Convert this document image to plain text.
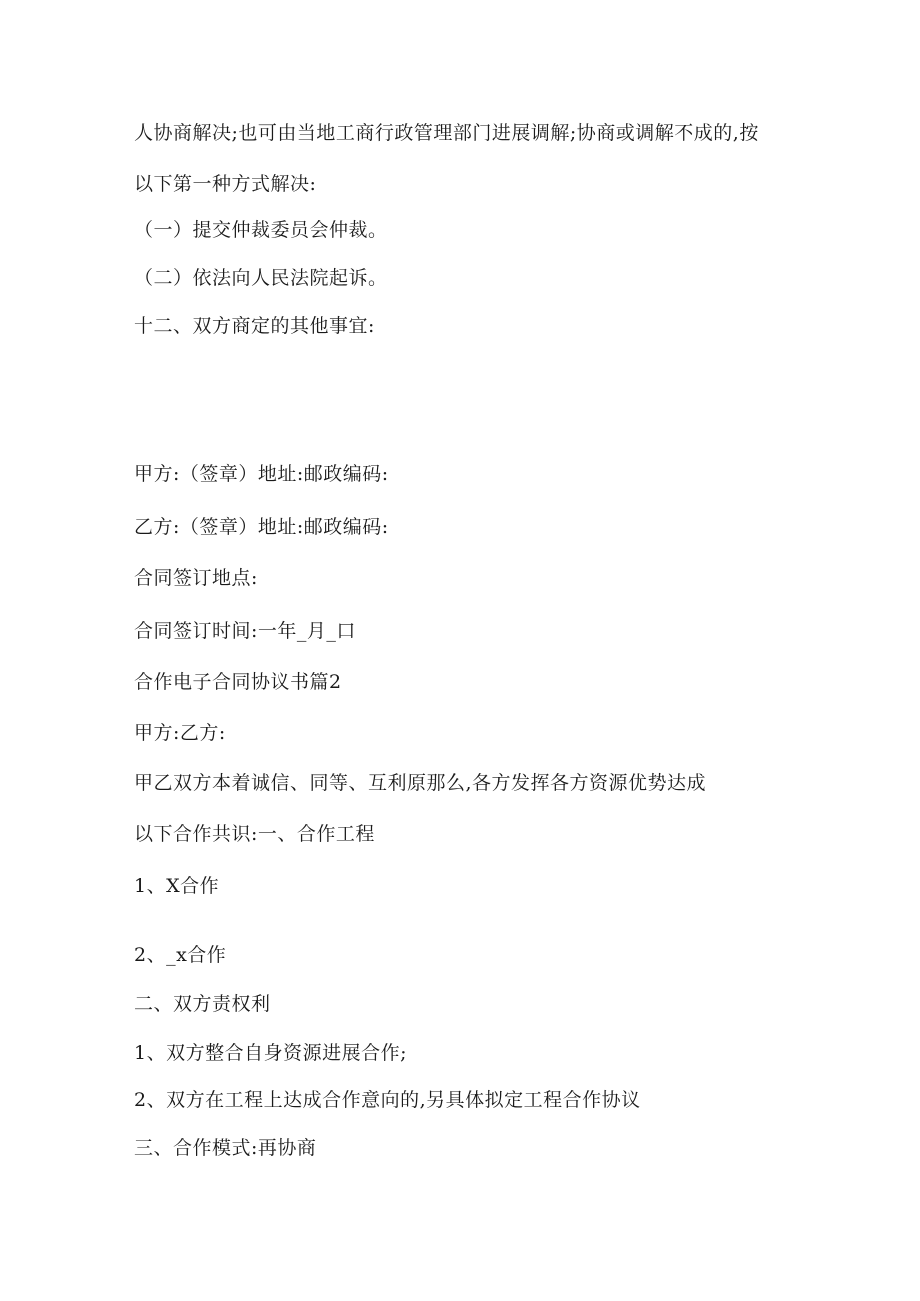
人协商解决;也可由当地工商行政管理部门进展调解;协商或调解不成的,按
以下第一种方式解决:
（一）提交仲裁委员会仲裁。
（二）依法向人民法院起诉。
十二、双方商定的其他事宜:
甲方:（签章）地址:邮政编码:
乙方:（签章）地址:邮政编码:
合同签订地点:
合同签订时间:一年_月_口
合作电子合同协议书篇2
甲方:乙方:
甲乙双方本着诚信、同等、互利原那么,各方发挥各方资源优势达成
以下合作共识:一、合作工程
1、X合作
2、_x合作
二、双方责权利
1、双方整合自身资源进展合作;
2、双方在工程上达成合作意向的,另具体拟定工程合作协议
三、合作模式:再协商
